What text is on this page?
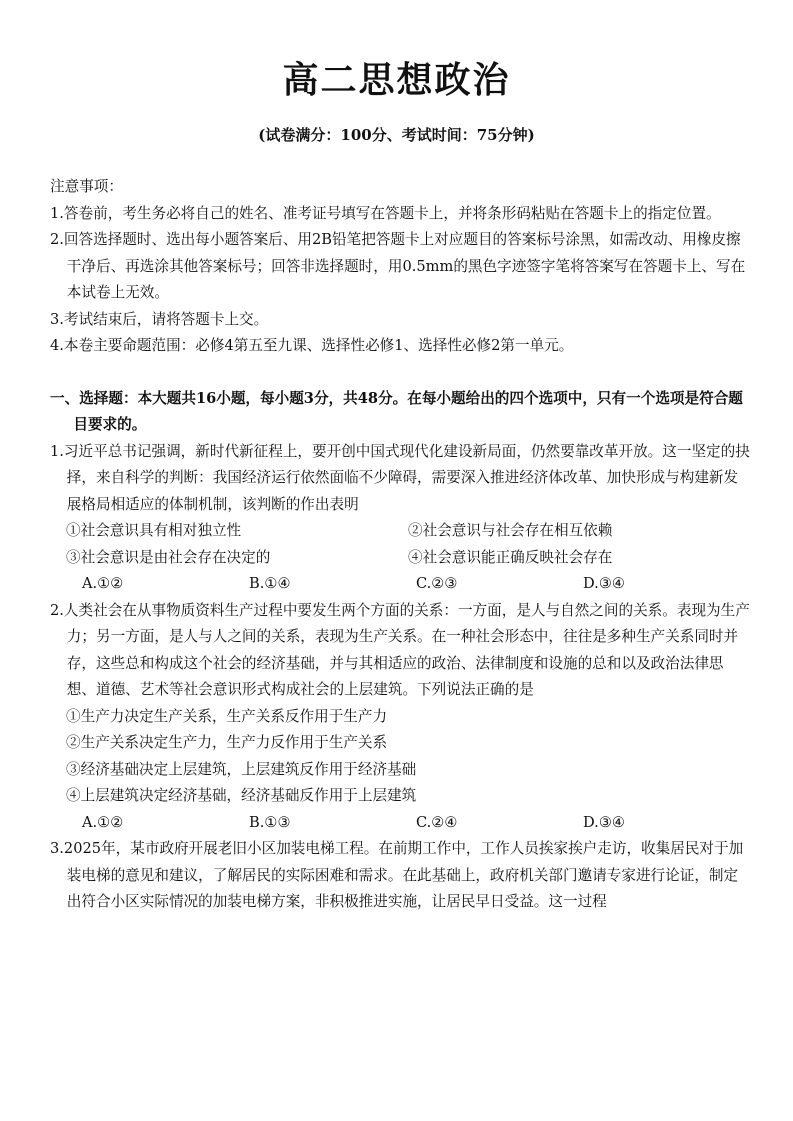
高二思想政治
(试卷满分：100分、考试时间：75分钟)
注意事项：
1.答卷前，考生务必将自己的姓名、准考证号填写在答题卡上，并将条形码粘贴在答题卡上的指定位置。
2.回答选择题时、选出每小题答案后、用2B铅笔把答题卡上对应题目的答案标号涂黑，如需改动、用橡皮擦干净后、再选涂其他答案标号；回答非选择题时，用0.5mm的黑色字迹签字笔将答案写在答题卡上、写在本试卷上无效。
3.考试结束后，请将答题卡上交。
4.本卷主要命题范围：必修4第五至九课、选择性必修1、选择性必修2第一单元。
一、选择题：本大题共16小题，每小题3分，共48分。在每小题给出的四个选项中，只有一个选项是符合题目要求的。
1.习近平总书记强调，新时代新征程上，要开创中国式现代化建设新局面，仍然要靠改革开放。这一坚定的抉择，来自科学的判断：我国经济运行依然面临不少障碍，需要深入推进经济体改革、加快形成与构建新发展格局相适应的体制机制，该判断的作出表明
①社会意识具有相对独立性	②社会意识与社会存在相互依赖
③社会意识是由社会存在决定的	④社会意识能正确反映社会存在
A.①②	B.①④	C.②③	D.③④
2.人类社会在从事物质资料生产过程中要发生两个方面的关系：一方面，是人与自然之间的关系。表现为生产力；另一方面，是人与人之间的关系，表现为生产关系。在一种社会形态中，往往是多种生产关系同时并存，这些总和构成这个社会的经济基础，并与其相适应的政治、法律制度和设施的总和以及政治法律思想、道德、艺术等社会意识形式构成社会的上层建筑。下列说法正确的是
①生产力决定生产关系，生产关系反作用于生产力
②生产关系决定生产力，生产力反作用于生产关系
③经济基础决定上层建筑，上层建筑反作用于经济基础
④上层建筑决定经济基础，经济基础反作用于上层建筑
A.①②	B.①③	C.②④	D.③④
3.2025年，某市政府开展老旧小区加装电梯工程。在前期工作中，工作人员挨家挨户走访，收集居民对于加装电梯的意见和建议，了解居民的实际困难和需求。在此基础上，政府机关部门邀请专家进行论证，制定出符合小区实际情况的加装电梯方案，非积极推进实施，让居民早日受益。这一过程
